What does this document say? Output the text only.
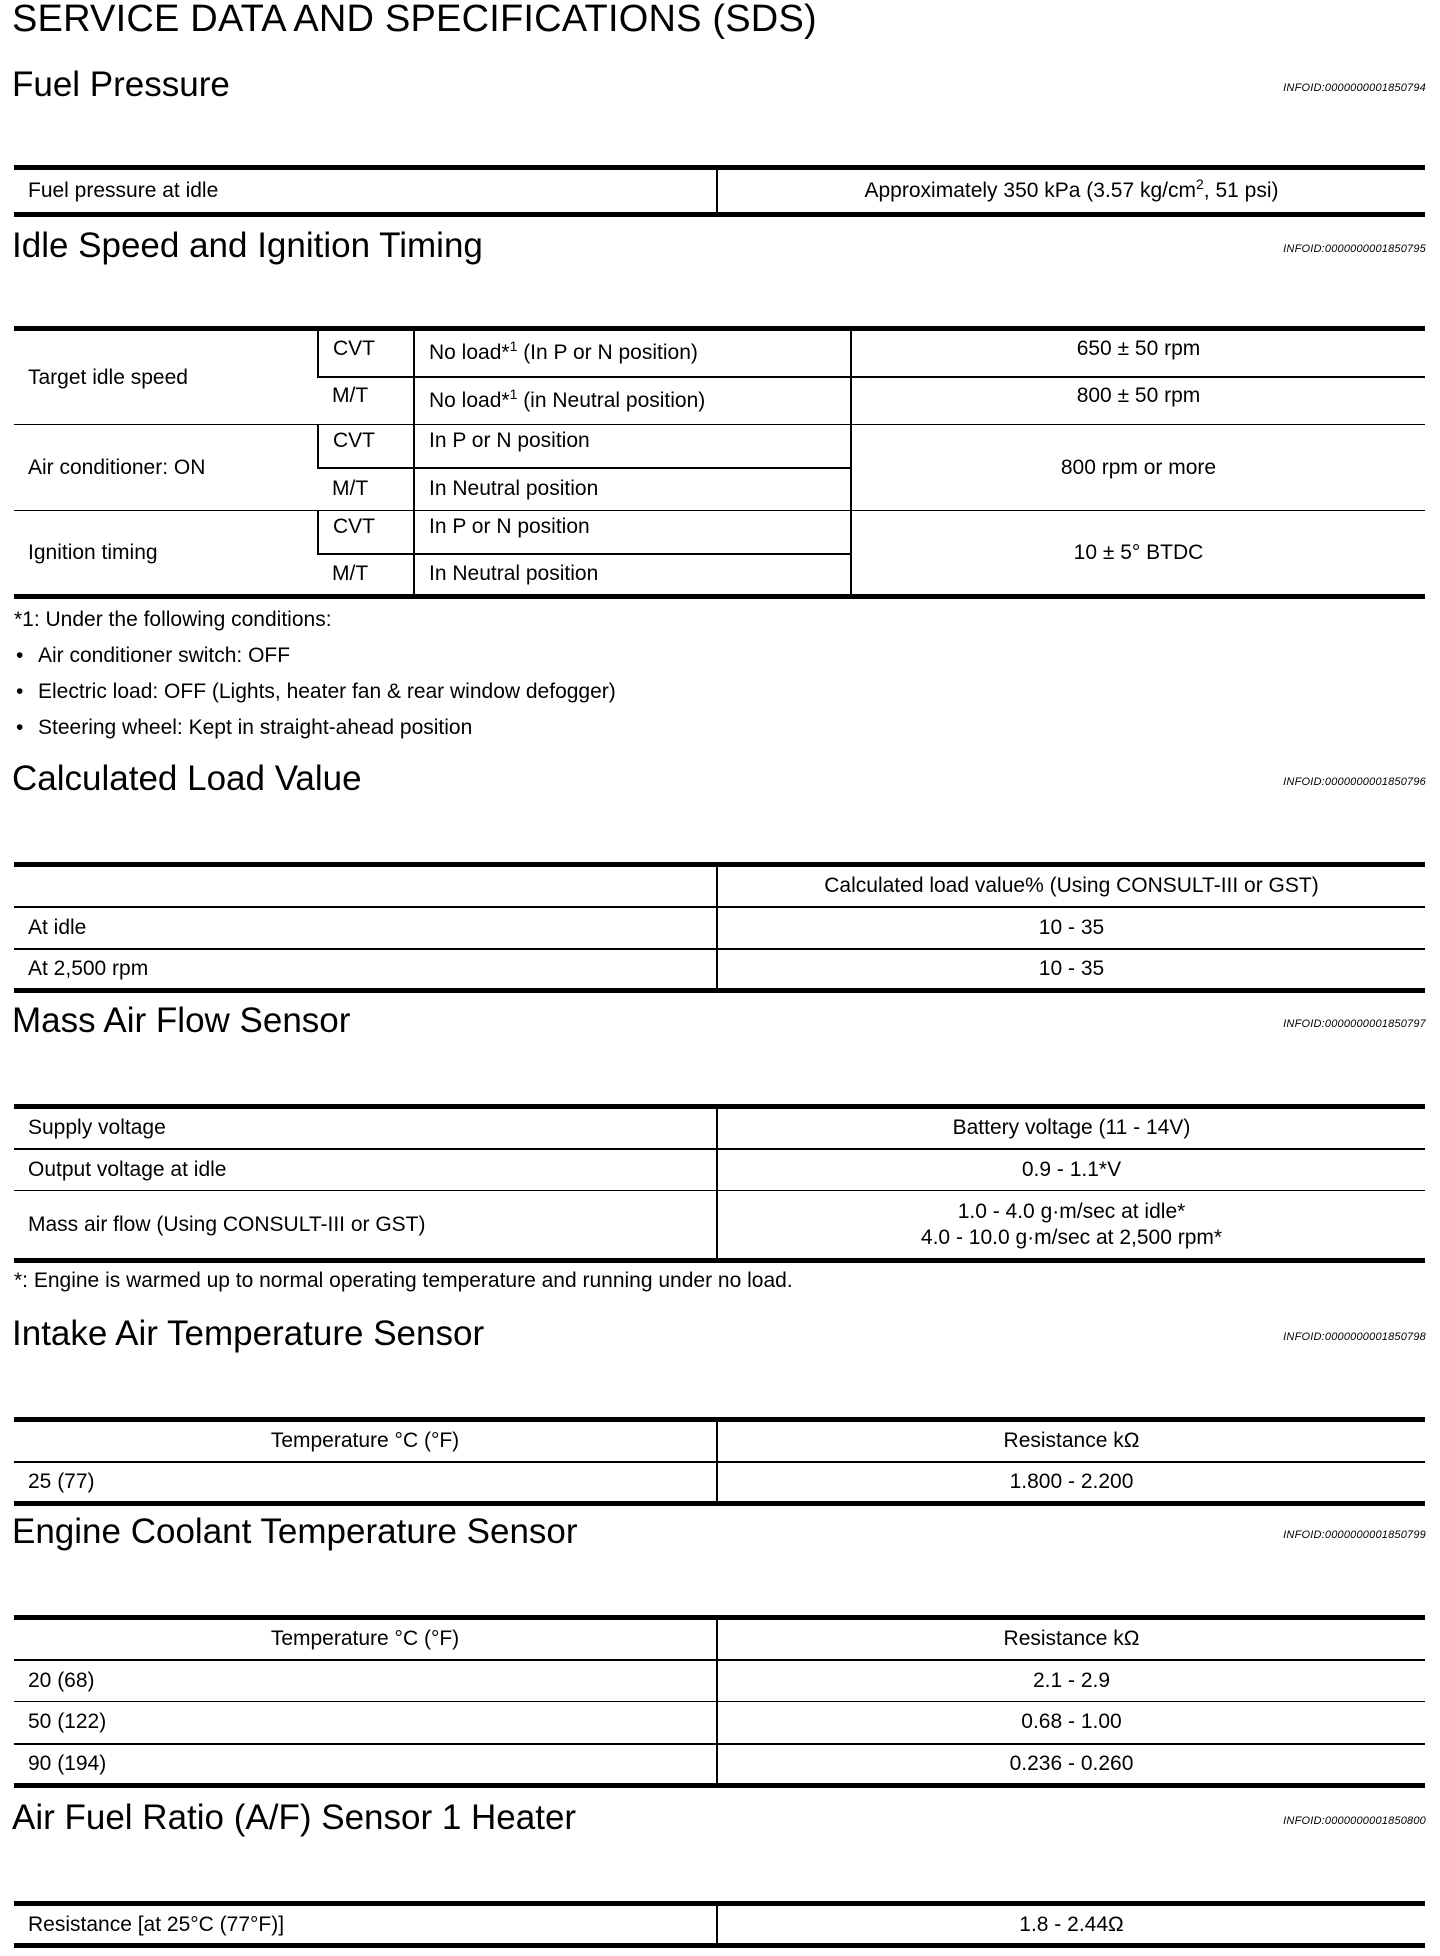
SERVICE DATA AND SPECIFICATIONS (SDS)
Fuel Pressure	INFOID:0000000001850794
Fuel pressure at idle	Approximately 350 kPa (3.57 $kg/cm^2$, 51 psi)
Idle Speed and Ignition Timing	INFOID:0000000001850795
Target idle speed	CVT	No load*$^1$ (In P or N position)	650 ± 50 rpm
	M/T	No load*$^1$ (in Neutral position)	800 ± 50 rpm
Air conditioner: ON	CVT	In P or N position	800 rpm or more
	M/T	In Neutral position	
Ignition timing	CVT	In P or N position	10 ± 5° BTDC
	M/T	In Neutral position	

*1: Under the following conditions:

• Air conditioner switch: OFF
• Electric load: OFF (Lights, heater fan & rear window defogger)
• Steering wheel: Kept in straight-ahead position
Calculated Load Value	INFOID:0000000001850796
	Calculated load value% (Using CONSULT-III or GST)
At idle	10 - 35
At 2,500 rpm	10 - 35
Mass Air Flow Sensor	INFOID:0000000001850797
Supply voltage	Battery voltage (11 - 14V)
Output voltage at idle	0.9 - 1.1*V
Mass air flow (Using CONSULT-III or GST)	1.0 - 4.0 g·m/sec at idle*
4.0 - 10.0 g·m/sec at 2,500 rpm*

*: Engine is warmed up to normal operating temperature and running under no load.

Intake Air Temperature Sensor	INFOID:0000000001850798
Temperature °C (°F)	Resistance kΩ
25 (77)	1.800 - 2.200
Engine Coolant Temperature Sensor	INFOID:0000000001850799
Temperature °C (°F)	Resistance kΩ
20 (68)	2.1 - 2.9
50 (122)	0.68 - 1.00
90 (194)	0.236 - 0.260
Air Fuel Ratio (A/F) Sensor 1 Heater	INFOID:0000000001850800
Resistance [at 25°C (77°F)]	1.8 - 2.44Ω
